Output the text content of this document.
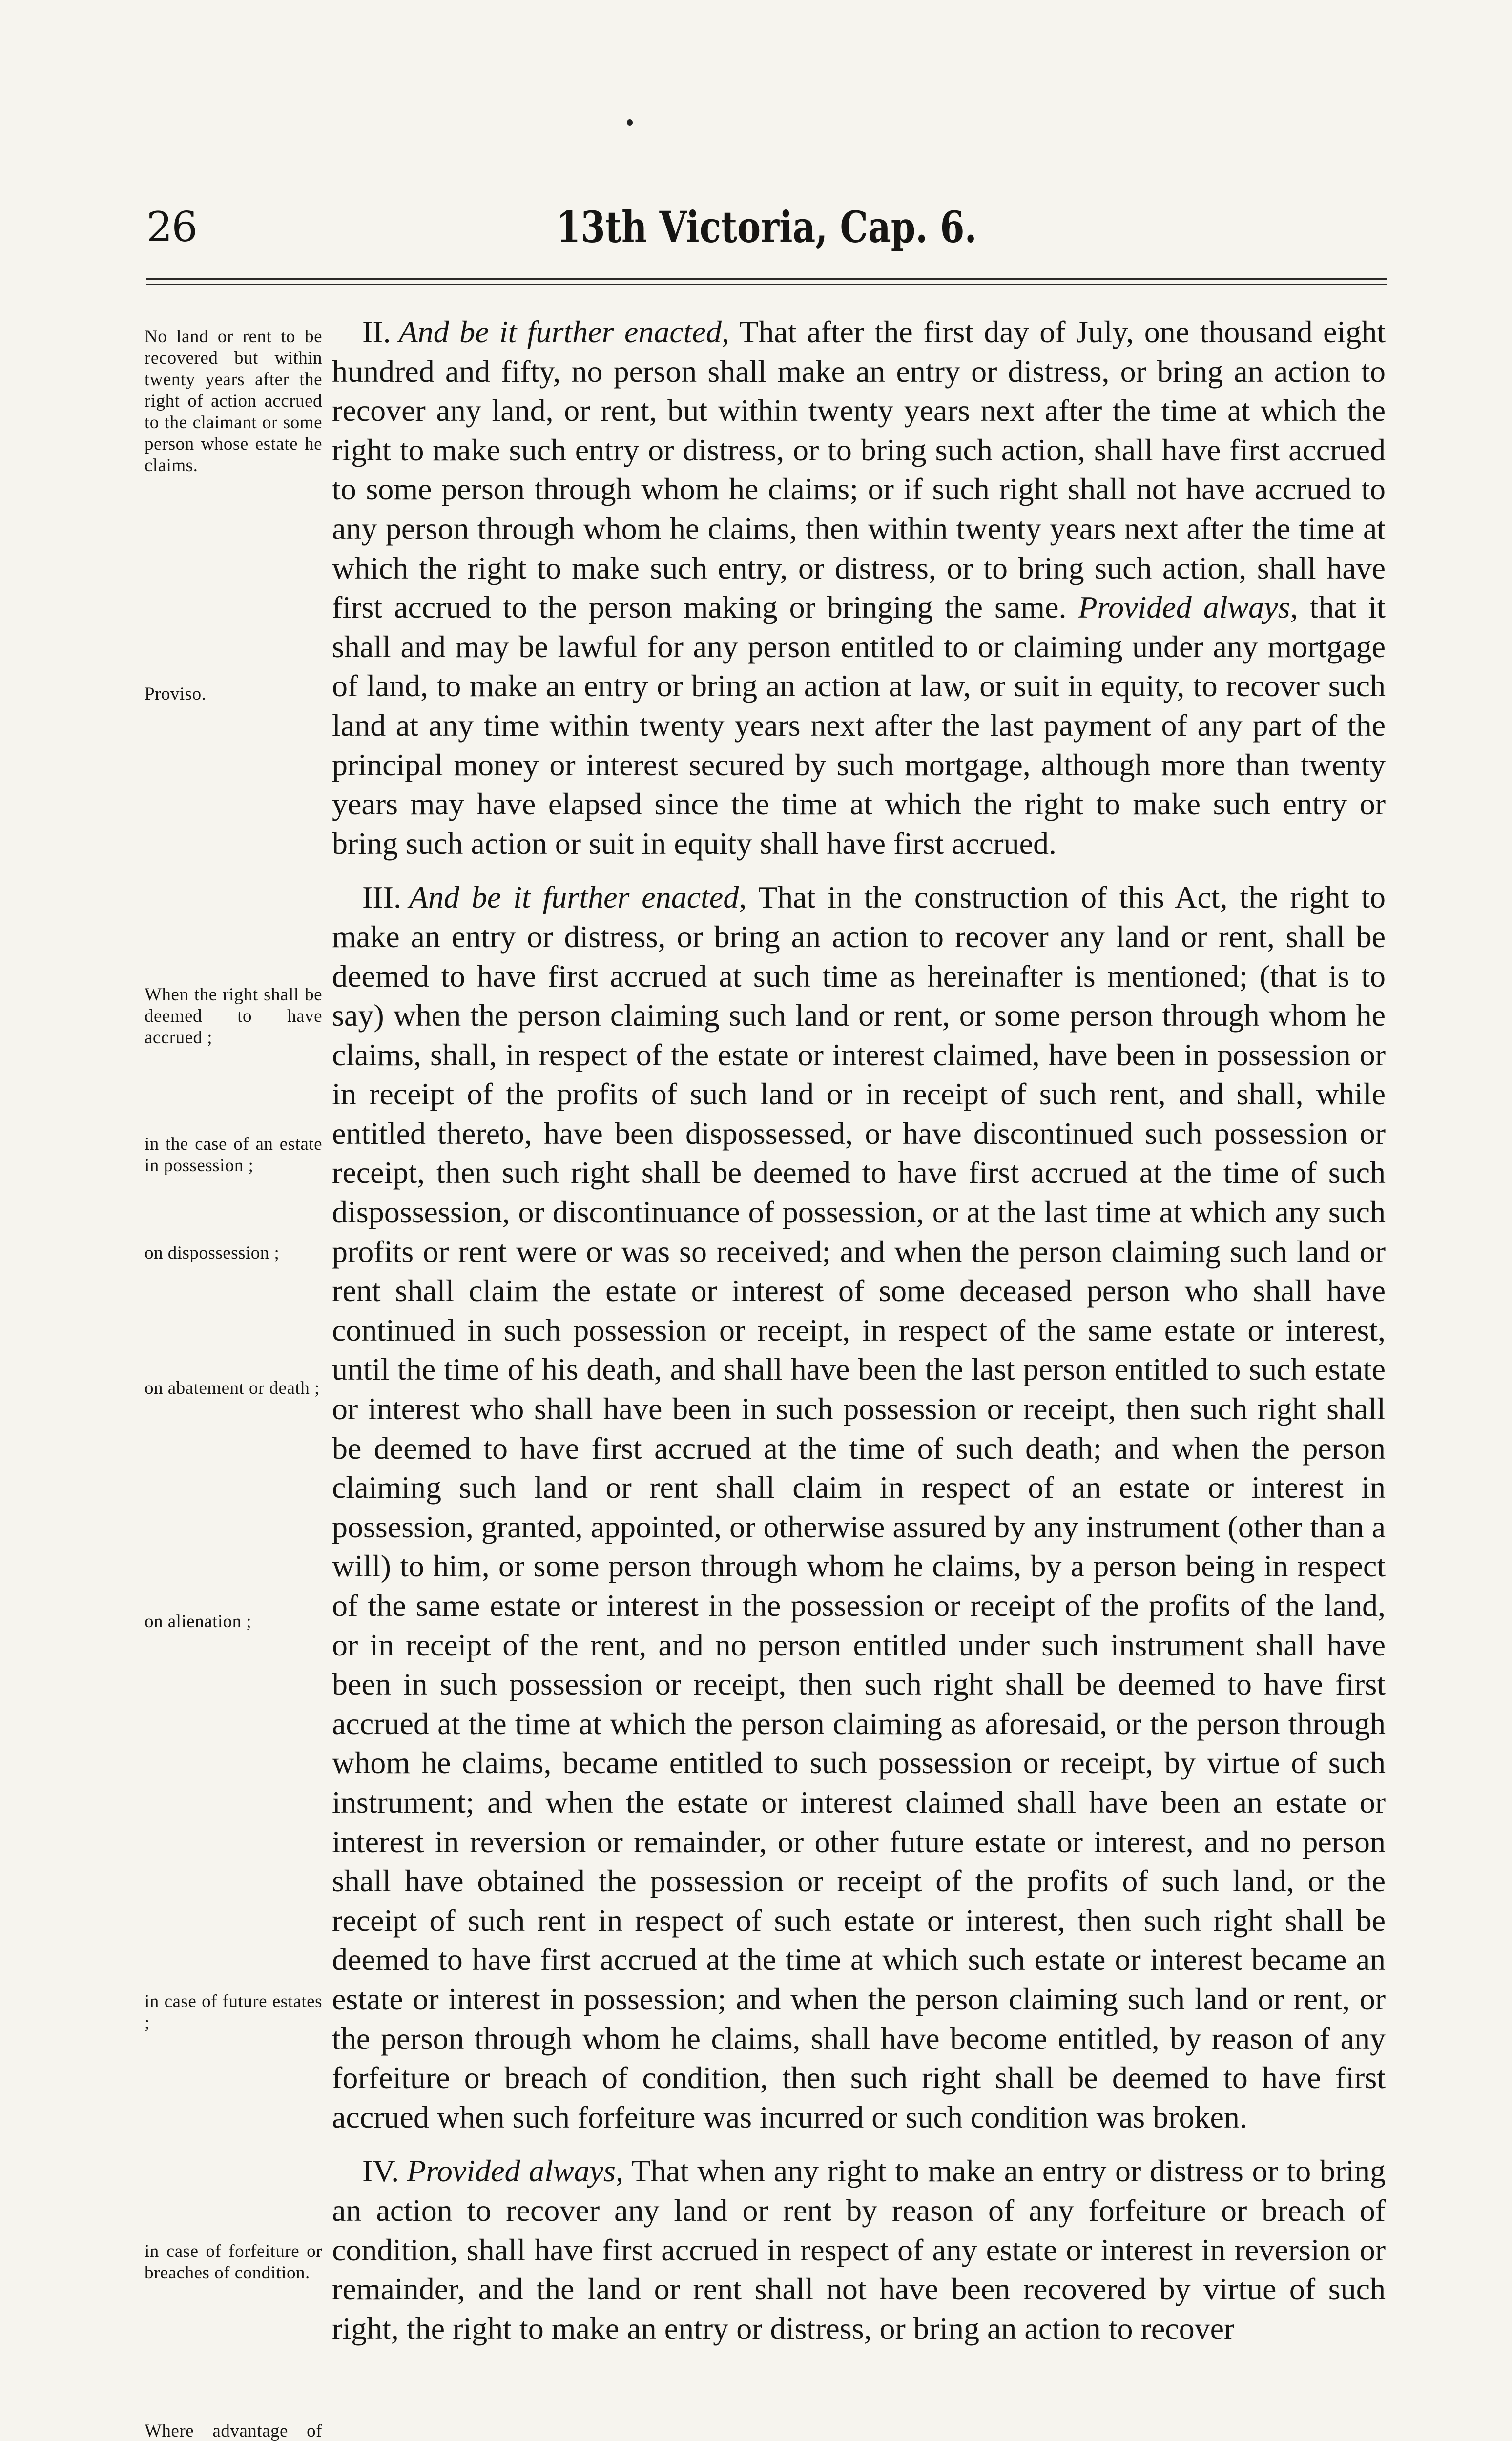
26	13th Victoria, Cap. 6.
No land or rent to be recovered but within twenty years after the right of action accrued to the claimant or some person whose estate he claims.
Proviso.
When the right shall be deemed to have accrued ;
in the case of an estate in possession ;
on dispossession ;
on abatement or death ;
on alienation ;
in case of future estates ;
in case of forfeiture or breaches of condition.
Where advantage of

II. And be it further enacted, That after the first day of July, one thousand eight hundred and fifty, no person shall make an entry or distress, or bring an action to recover any land, or rent, but within twenty years next after the time at which the right to make such entry or distress, or to bring such action, shall have first accrued to some person through whom he claims; or if such right shall not have accrued to any person through whom he claims, then within twenty years next after the time at which the right to make such entry, or distress, or to bring such action, shall have first accrued to the person making or bringing the same. Provided always, that it shall and may be lawful for any person entitled to or claiming under any mortgage of land, to make an entry or bring an action at law, or suit in equity, to recover such land at any time within twenty years next after the last payment of any part of the principal money or interest secured by such mortgage, although more than twenty years may have elapsed since the time at which the right to make such entry or bring such action or suit in equity shall have first accrued.

III. And be it further enacted, That in the construction of this Act, the right to make an entry or distress, or bring an action to recover any land or rent, shall be deemed to have first accrued at such time as hereinafter is mentioned; (that is to say) when the person claiming such land or rent, or some person through whom he claims, shall, in respect of the estate or interest claimed, have been in possession or in receipt of the profits of such land or in receipt of such rent, and shall, while entitled thereto, have been dispossessed, or have discontinued such possession or receipt, then such right shall be deemed to have first accrued at the time of such dispossession, or discontinuance of possession, or at the last time at which any such profits or rent were or was so received; and when the person claiming such land or rent shall claim the estate or interest of some deceased person who shall have continued in such possession or receipt, in respect of the same estate or interest, until the time of his death, and shall have been the last person entitled to such estate or interest who shall have been in such possession or receipt, then such right shall be deemed to have first accrued at the time of such death; and when the person claiming such land or rent shall claim in respect of an estate or interest in possession, granted, appointed, or otherwise assured by any instrument (other than a will) to him, or some person through whom he claims, by a person being in respect of the same estate or interest in the possession or receipt of the profits of the land, or in receipt of the rent, and no person entitled under such instrument shall have been in such possession or receipt, then such right shall be deemed to have first accrued at the time at which the person claiming as aforesaid, or the person through whom he claims, became entitled to such possession or receipt, by virtue of such instrument; and when the estate or interest claimed shall have been an estate or interest in reversion or remainder, or other future estate or interest, and no person shall have obtained the possession or receipt of the profits of such land, or the receipt of such rent in respect of such estate or interest, then such right shall be deemed to have first accrued at the time at which such estate or interest became an estate or interest in possession; and when the person claiming such land or rent, or the person through whom he claims, shall have become entitled, by reason of any forfeiture or breach of condition, then such right shall be deemed to have first accrued when such forfeiture was incurred or such condition was broken.

IV. Provided always, That when any right to make an entry or distress or to bring an action to recover any land or rent by reason of any forfeiture or breach of condition, shall have first accrued in respect of any estate or interest in reversion or remainder, and the land or rent shall not have been recovered by virtue of such right, the right to make an entry or distress, or bring an action to recover
